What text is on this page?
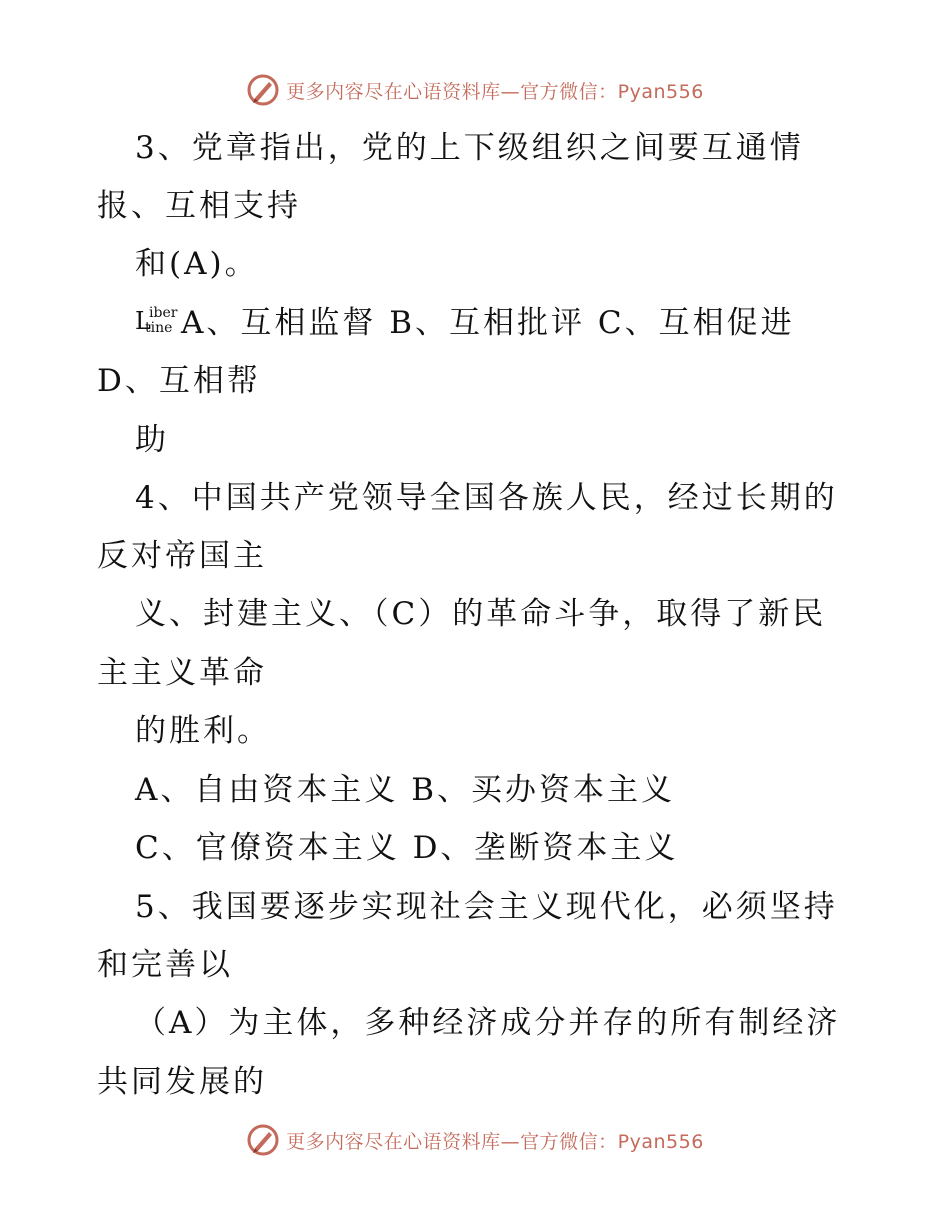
更多内容尽在心语资料库—官方微信：Pyan556
3、党章指出，党的上下级组织之间要互通情
报、互相支持
和(A)。
L
iber
tine A、互相监督 B、互相批评 C、互相促进
D、互相帮
助
4、中国共产党领导全国各族人民，经过长期的
反对帝国主
义、封建主义、（C）的革命斗争，取得了新民
主主义革命
的胜利。
A、自由资本主义 B、买办资本主义
C、官僚资本主义 D、垄断资本主义
5、我国要逐步实现社会主义现代化，必须坚持
和完善以
（A）为主体，多种经济成分并存的所有制经济
共同发展的
更多内容尽在心语资料库—官方微信：Pyan556
